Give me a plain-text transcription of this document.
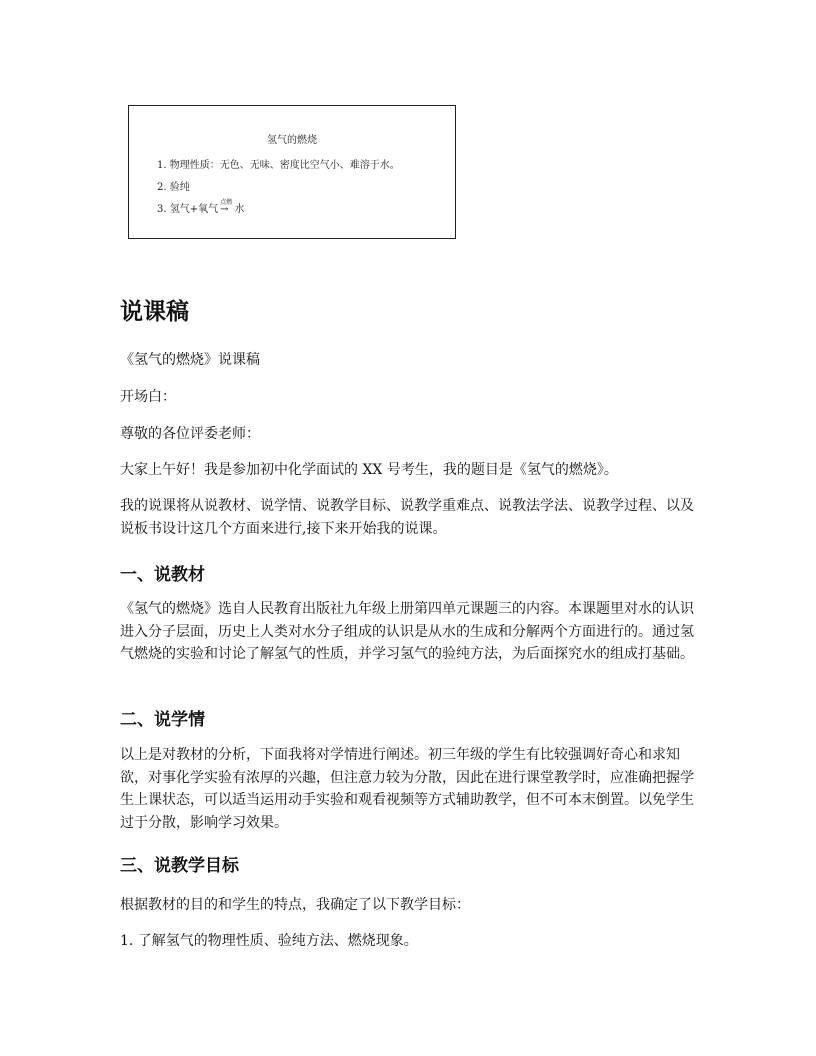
氢气的燃烧
1. 物理性质：无色、无味、密度比空气小、难溶于水。
2. 验纯
3. 氢气+氧气
点燃
→ 水
说课稿

《氢气的燃烧》说课稿

开场白：

尊敬的各位评委老师：

大家上午好！我是参加初中化学面试的 XX 号考生，我的题目是《氢气的燃烧》。

我的说课将从说教材、说学情、说教学目标、说教学重难点、说教法学法、说教学过程、以及说板书设计这几个方面来进行,接下来开始我的说课。

一、说教材

《氢气的燃烧》选自人民教育出版社九年级上册第四单元课题三的内容。本课题里对水的认识进入分子层面，历史上人类对水分子组成的认识是从水的生成和分解两个方面进行的。通过氢气燃烧的实验和讨论了解氢气的性质，并学习氢气的验纯方法，为后面探究水的组成打基础。

二、说学情

以上是对教材的分析，下面我将对学情进行阐述。初三年级的学生有比较强调好奇心和求知欲，对事化学实验有浓厚的兴趣，但注意力较为分散，因此在进行课堂教学时，应准确把握学生上课状态，可以适当运用动手实验和观看视频等方式辅助教学，但不可本末倒置。以免学生过于分散，影响学习效果。

三、说教学目标

根据教材的目的和学生的特点，我确定了以下教学目标：

1. 了解氢气的物理性质、验纯方法、燃烧现象。
